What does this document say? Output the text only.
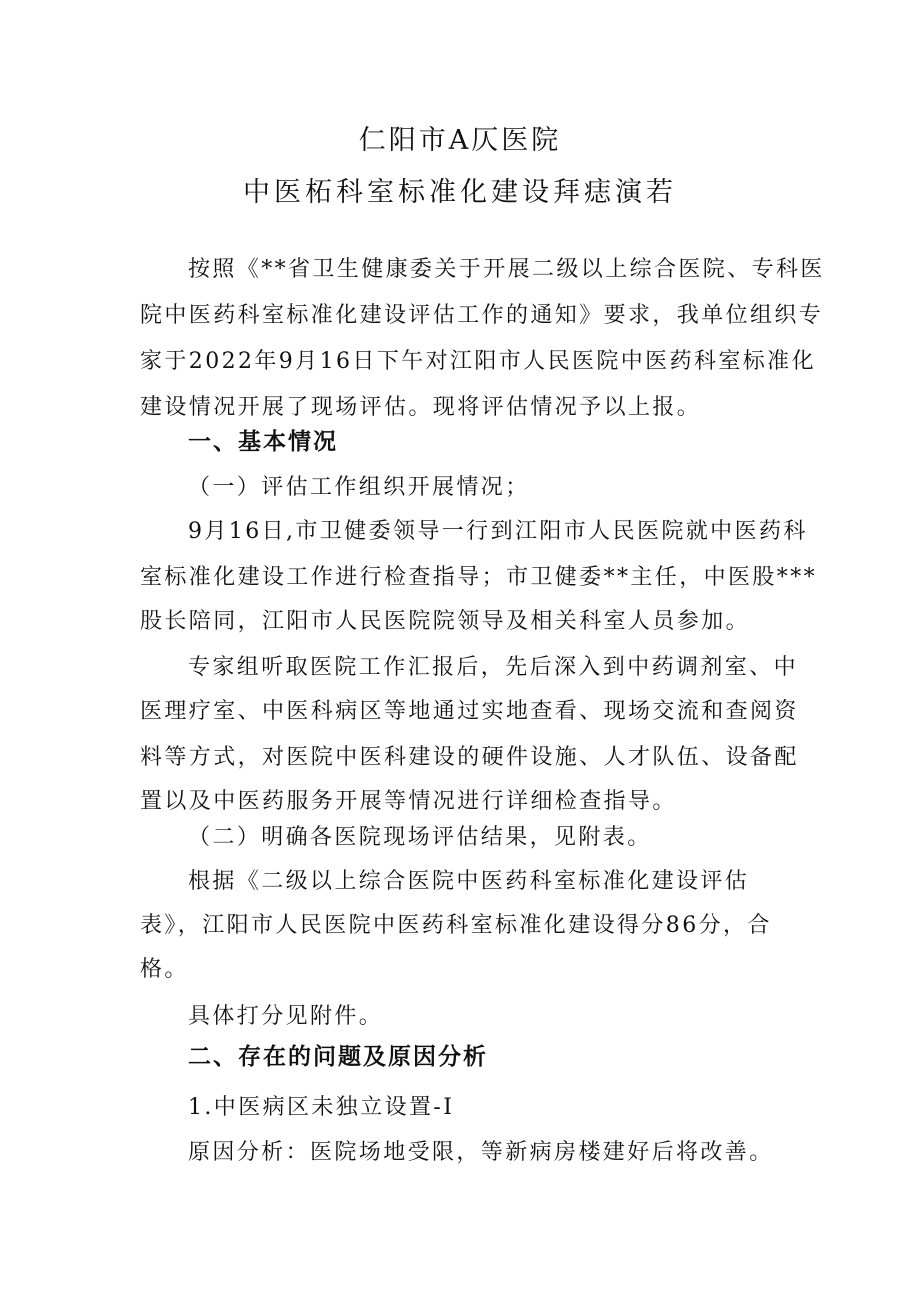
仁阳市A仄医院
中医柘科室标准化建设拜痣演若
按照《**省卫生健康委关于开展二级以上综合医院、专科医
院中医药科室标准化建设评估工作的通知》要求，我单位组织专
家于2022年9月16日下午对江阳市人民医院中医药科室标准化
建设情况开展了现场评估。现将评估情况予以上报。
一、基本情况
（一）评估工作组织开展情况；
9月16日,市卫健委领导一行到江阳市人民医院就中医药科
室标准化建设工作进行检查指导；市卫健委**主任，中医股***
股长陪同，江阳市人民医院院领导及相关科室人员参加。
专家组听取医院工作汇报后，先后深入到中药调剂室、中
医理疗室、中医科病区等地通过实地查看、现场交流和查阅资
料等方式，对医院中医科建设的硬件设施、人才队伍、设备配
置以及中医药服务开展等情况进行详细检查指导。
（二）明确各医院现场评估结果，见附表。
根据《二级以上综合医院中医药科室标准化建设评估
表》，江阳市人民医院中医药科室标准化建设得分86分，合
格。
具体打分见附件。
二、存在的问题及原因分析
1.中医病区未独立设置-I
原因分析：医院场地受限，等新病房楼建好后将改善。
